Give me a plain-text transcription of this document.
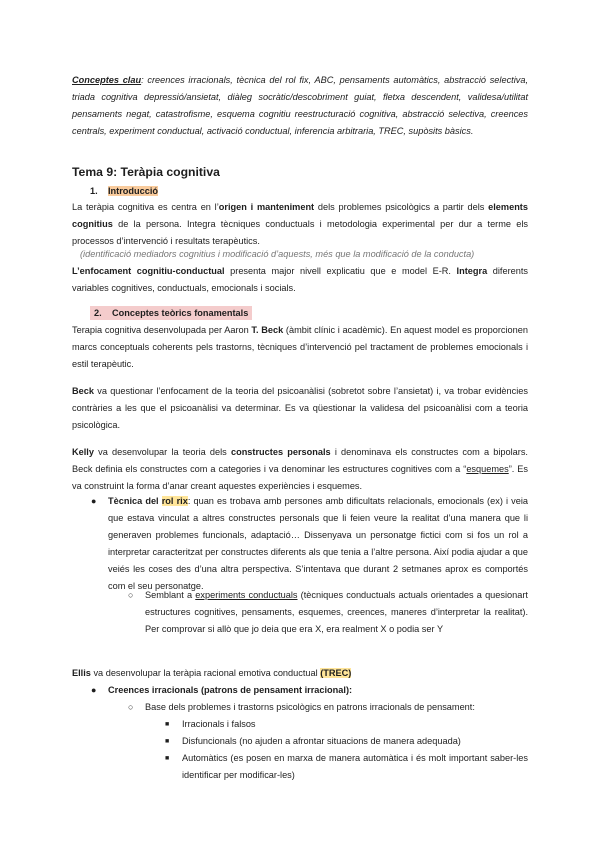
Conceptes clau: creences irracionals, tècnica del rol fix, ABC, pensaments automàtics, abstracció selectiva, triada cognitiva depressió/ansietat, diàleg socràtic/descobriment guiat, fletxa descendent, validesa/utilitat pensaments negat, catastrofisme, esquema cognitiu reestructuració cognitiva, abstracció selectiva, creences centrals, experiment conductual, activació conductual, inferencia arbitraria, TREC, supòsits bàsics.

Tema 9: Teràpia cognitiva
1. Introducció

La teràpia cognitiva es centra en l’origen i manteniment dels problemes psicològics a partir dels elements cognitius de la persona. Integra tècniques conductuals i metodologia experimental per dur a terme els processos d’intervenció i resultats terapèutics.

(identificació mediadors cognitius i modificació d’aquests, més que la modificació de la conducta)

L’enfocament cognitiu-conductual presenta major nivell explicatiu que e model E-R. Integra diferents variables cognitives, conductuals, emocionals i socials.

2. Conceptes teòrics fonamentals

Terapia cognitiva desenvolupada per Aaron T. Beck (àmbit clínic i acadèmic). En aquest model es proporcionen marcs conceptuals coherents pels trastorns, tècniques d’intervenció pel tractament de problemes emocionals i estil terapèutic.

Beck va questionar l’enfocament de la teoria del psicoanàlisi (sobretot sobre l’ansietat) i, va trobar evidències contràries a les que el psicoanàlisi va determinar. Es va qüestionar la validesa del psicoanàlisi com a teoria psicològica.

Kelly va desenvolupar la teoria dels constructes personals i denominava els constructes com a bipolars. Beck definia els constructes com a categories i va denominar les estructures cognitives com a “esquemes”. Es va construint la forma d’anar creant aquestes experiències i esquemes.

● Tècnica del rol rix: quan es trobava amb persones amb dificultats relacionals, emocionals (ex) i veia que estava vinculat a altres constructes personals que li feien veure la realitat d’una manera que li generaven problemes funcionals, adaptació… Dissenyava un personatge fictici com si fos un rol a interpretar caracteritzat per constructes diferents als que tenia a l’altre persona. Així podia ajudar a que veiés les coses des d’una altra perspectiva. S’intentava que durant 2 setmanes aprox es comportés com el seu personatge.

○ Semblant a experiments conductuals (tècniques conductuals actuals orientades a quesionart estructures cognitives, pensaments, esquemes, creences, maneres d’interpretar la realitat). Per comprovar si allò que jo deia que era X, era realment X o podia ser Y

Ellis va desenvolupar la teràpia racional emotiva conductual (TREC)

● Creences irracionals (patrons de pensament irracional):

○ Base dels problemes i trastorns psicològics en patrons irracionals de pensament:

■ Irracionals i falsos

■ Disfuncionals (no ajuden a afrontar situacions de manera adequada)

■ Automàtics (es posen en marxa de manera automàtica i és molt important saber-les identificar per modificar-les)
